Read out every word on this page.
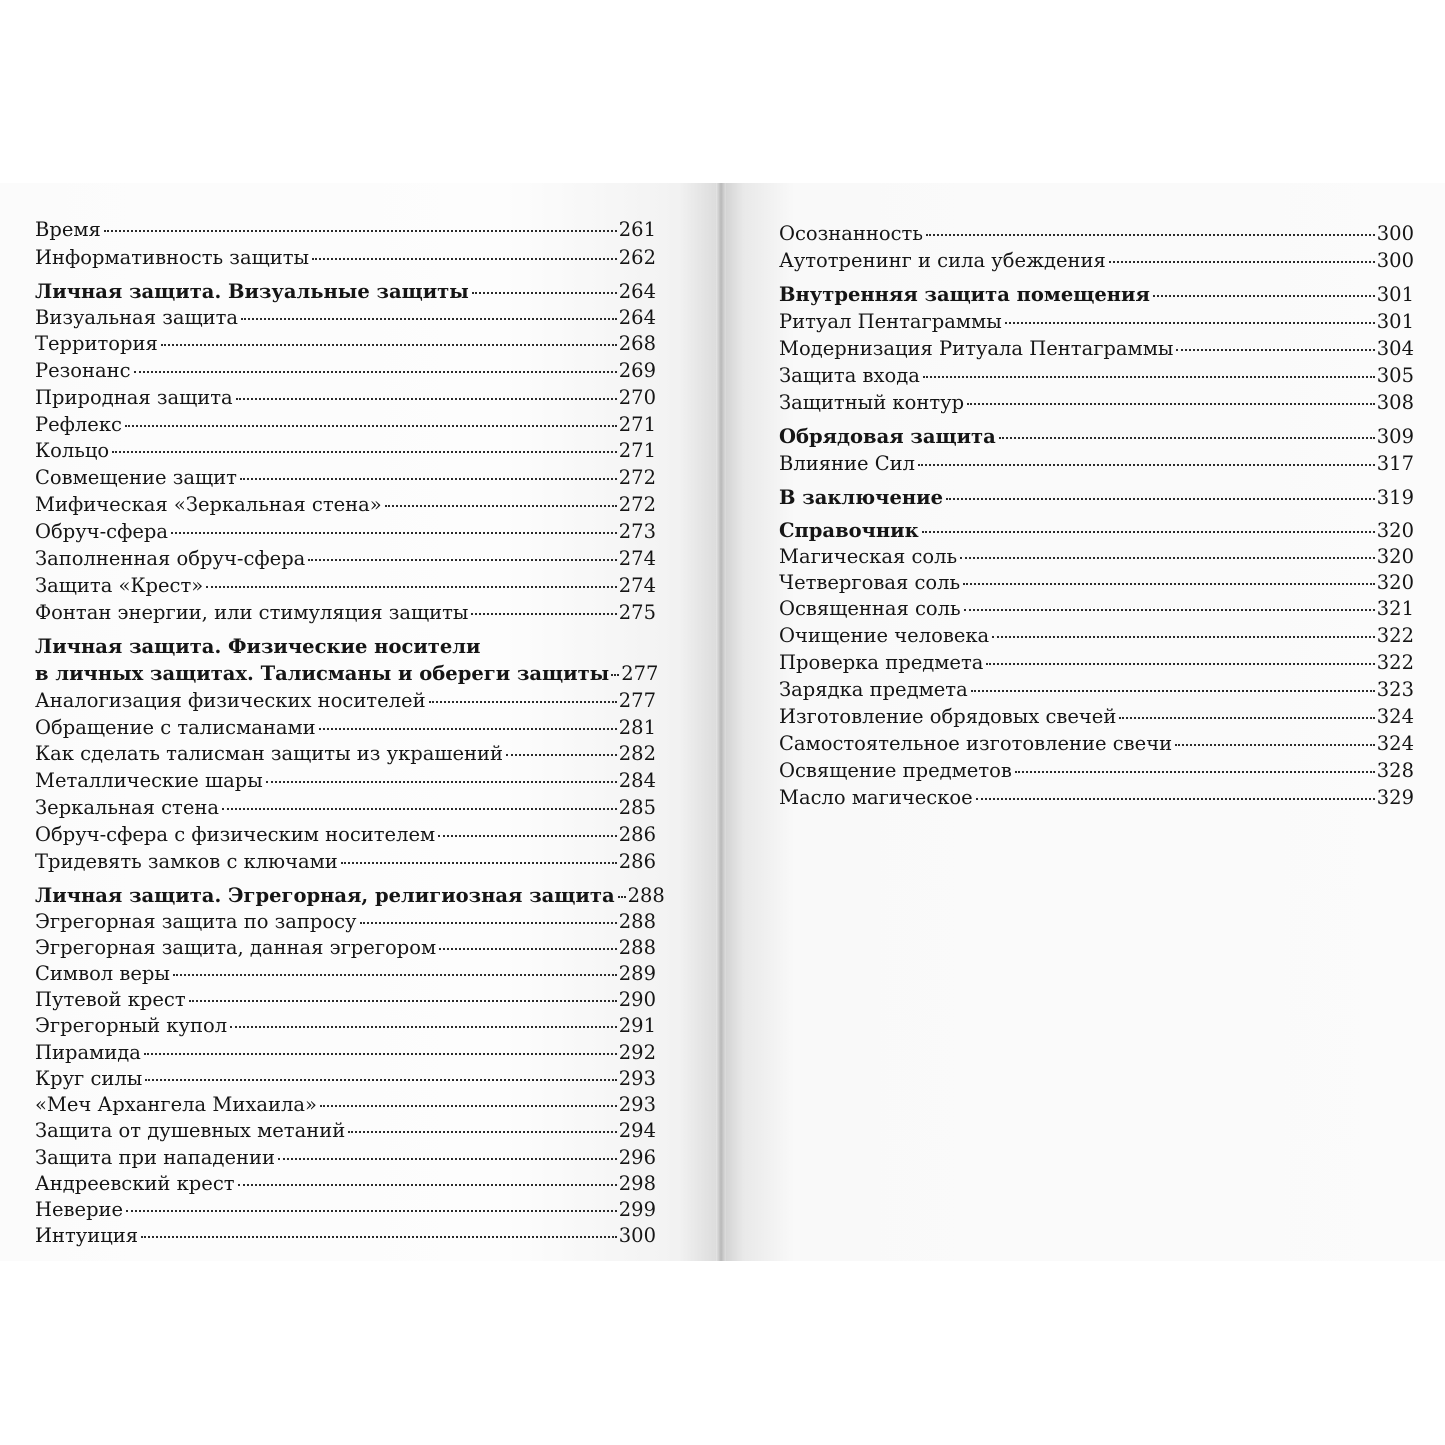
Время	261
Информативность защиты	262
Личная защита. Визуальные защиты	264
Визуальная защита	264
Территория	268
Резонанс	269
Природная защита	270
Рефлекс	271
Кольцо	271
Совмещение защит	272
Мифическая «Зеркальная стена»	272
Обруч-сфера	273
Заполненная обруч-сфера	274
Защита «Крест»	274
Фонтан энергии, или стимуляция защиты	275
Личная защита. Физические носители
в личных защитах. Талисманы и обереги защиты 277
Аналогизация физических носителей	277
Обращение с талисманами	281
Как сделать талисман защиты из украшений	282
Металлические шары	284
Зеркальная стена	285
Обруч-сфера с физическим носителем	286
Тридевять замков с ключами	286
Личная защита. Эгрегорная, религиозная защита 288
Эгрегорная защита по запросу	288
Эгрегорная защита, данная эгрегором	288
Символ веры	289
Путевой крест	290
Эгрегорный купол	291
Пирамида	292
Круг силы	293
«Меч Архангела Михаила»	293
Защита от душевных метаний	294
Защита при нападении	296
Андреевский крест	298
Неверие	299
Интуиция	300
Осознанность	300
Аутотренинг и сила убеждения	300
Внутренняя защита помещения	301
Ритуал Пентаграммы	301
Модернизация Ритуала Пентаграммы	304
Защита входа	305
Защитный контур	308
Обрядовая защита	309
Влияние Сил	317
В заключение	319
Справочник	320
Магическая соль	320
Четверговая соль	320
Освященная соль	321
Очищение человека	322
Проверка предмета	322
Зарядка предмета	323
Изготовление обрядовых свечей	324
Самостоятельное изготовление свечи	324
Освящение предметов	328
Масло магическое	329
